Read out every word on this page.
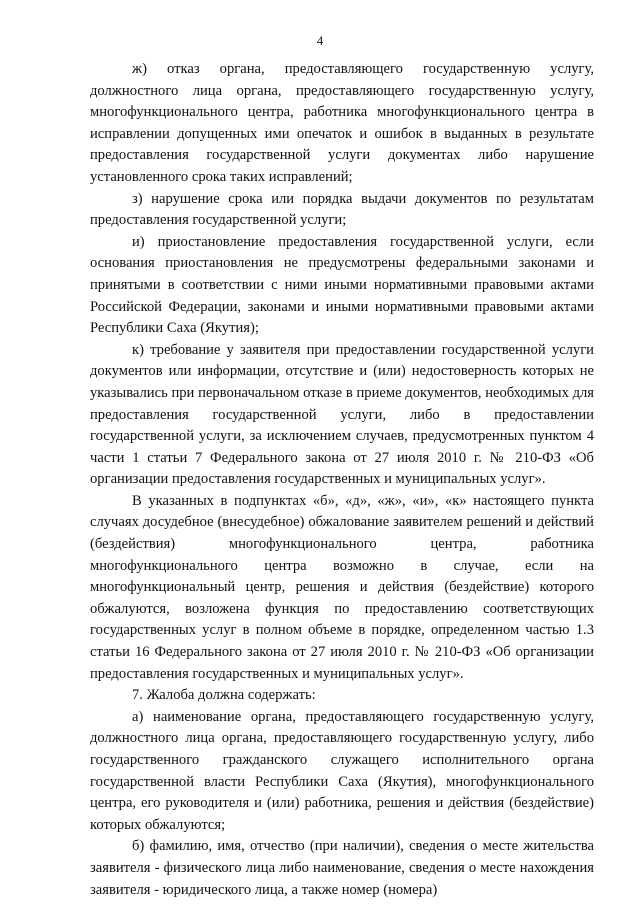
4

ж) отказ органа, предоставляющего государственную услугу, должностного лица органа, предоставляющего государственную услугу, многофункционального центра, работника многофункционального центра в исправлении допущенных ими опечаток и ошибок в выданных в результате предоставления государственной услуги документах либо нарушение установленного срока таких исправлений;

з) нарушение срока или порядка выдачи документов по результатам предоставления государственной услуги;

и) приостановление предоставления государственной услуги, если основания приостановления не предусмотрены федеральными законами и принятыми в соответствии с ними иными нормативными правовыми актами Российской Федерации, законами и иными нормативными правовыми актами Республики Саха (Якутия);

к) требование у заявителя при предоставлении государственной услуги документов или информации, отсутствие и (или) недостоверность которых не указывались при первоначальном отказе в приеме документов, необходимых для предоставления государственной услуги, либо в предоставлении государственной услуги, за исключением случаев, предусмотренных пунктом 4 части 1 статьи 7 Федерального закона от 27 июля 2010 г. № 210-ФЗ «Об организации предоставления государственных и муниципальных услуг».

В указанных в подпунктах «б», «д», «ж», «и», «к» настоящего пункта случаях досудебное (внесудебное) обжалование заявителем решений и действий (бездействия) многофункционального центра, работника многофункционального центра возможно в случае, если на многофункциональный центр, решения и действия (бездействие) которого обжалуются, возложена функция по предоставлению соответствующих государственных услуг в полном объеме в порядке, определенном частью 1.3 статьи 16 Федерального закона от 27 июля 2010 г. № 210-ФЗ «Об организации предоставления государственных и муниципальных услуг».

7. Жалоба должна содержать:

а) наименование органа, предоставляющего государственную услугу, должностного лица органа, предоставляющего государственную услугу, либо государственного гражданского служащего исполнительного органа государственной власти Республики Саха (Якутия), многофункционального центра, его руководителя и (или) работника, решения и действия (бездействие) которых обжалуются;

б) фамилию, имя, отчество (при наличии), сведения о месте жительства заявителя - физического лица либо наименование, сведения о месте нахождения заявителя - юридического лица, а также номер (номера)
